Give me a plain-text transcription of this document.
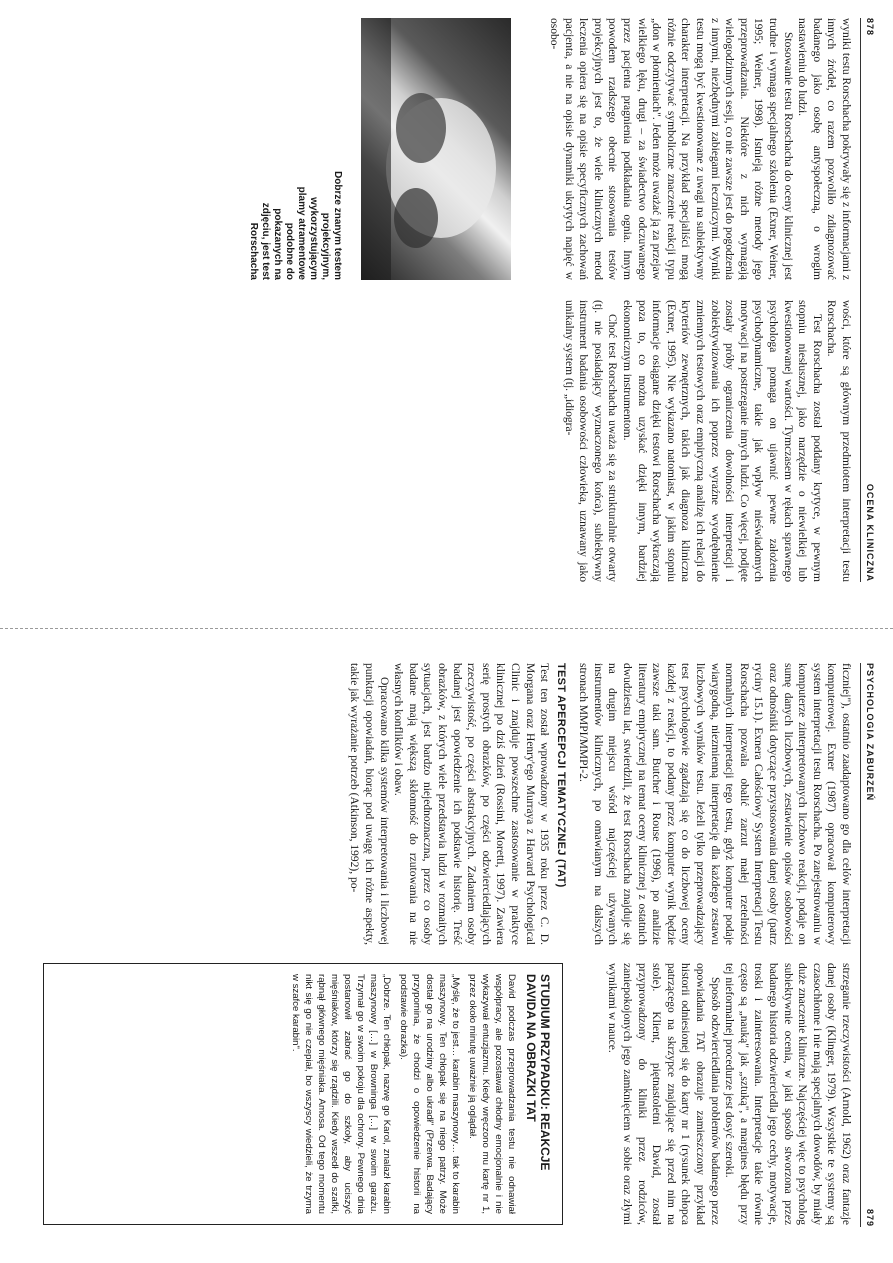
878
OCENA KLINICZNA

wyniki testu Rorschacha pokrywały się z informacjami z innych źródeł, co razem pozwoliło zdiagnozować badanego jako osobę antyspołeczną, o wrogim nastawieniu do ludzi.

Stosowanie testu Rorschacha do oceny klinicznej jest trudne i wymaga specjalnego szkolenia (Exner, Weiner, 1995; Weiner, 1998). Istnieją różne metody jego przeprowadzania. Niektóre z nich wymagają wielogodzinnych sesji, co nie zawsze jest do pogodzenia z innymi, niezbędnymi zabiegami leczniczymi. Wyniki testu mogą być kwestionowane z uwagi na subiektywny charakter interpretacji. Na przykład specjaliści mogą różnie odczytywać symboliczne znaczenie reakcji typu „don w płomieniach". Jeden może uważać ją za przejaw wielkiego lęku, drugi – za świadectwo odczuwanego przez pacjenta pragnienia podkładania ognia. Innym powodem rzadszego obecnie stosowania testów projekcyjnych jest to, że wiele klinicznych metod leczenia opiera się na opisie specyficznych zachowań pacjenta, a nie na opisie dynamiki ukrytych napięć w osobo-

Dobrze znanym testem projekcyjnym, wykorzystującym plamy atramentowe podobne do pokazanych na zdjęciu, jest test Rorschacha

wości, które są głównym przedmiotem interpretacji testu Rorschacha.

Test Rorschacha został poddany krytyce, w pewnym stopniu niesłusznej, jako narzędzie o niewielkiej lub kwestionowanej wartości. Tymczasem w rękach sprawnego psychologa pomaga on ujawnić pewne założenia psychodynamiczne, takie jak wpływ nieświadomych motywacji na postrzeganie innych ludzi. Co więcej, podjęte zostały próby ograniczenia dowolności interpretacji i zobiektywizowania ich poprzez wyraźne wyodrębnienie zmiennych testowych oraz empiryczną analizę ich relacji do kryteriów zewnętrznych, takich jak diagnoza kliniczna (Exner, 1995). Nie wykazano natomiast, w jakim stopniu informacje osiągane dzięki testowi Rorschacha wykraczają poza to, co można uzyskać dzięki innym, bardziej ekonomicznym instrumentom.

Choć test Rorschacha uważa się za strukturalnie otwarty (tj. nie posiadający wyznaczonego końca), subiektywny instrument badania osobowości człowieka, uznawany jako unikalny system (tj. „idiogra-

PSYCHOLOGIA ZABURZEŃ
879

ficzniej"), ostatnio zaadaptowano go dla celów interpretacji komputerowej. Exner (1987) opracował komputerowy system interpretacji testu Rorschacha. Po zarejestrowaniu w komputerze zinterpretowanych liczbowo reakcji, podaje on sumę danych liczbowych, zestawienie opisów osobowości oraz odnośniki dotyczące przystosowania danej osoby (patrz ryciny 15.1). Exnera Całościowy System Interpretacji Testu Rorschacha pozwala obalić zarzut małej rzetelności normalnych interpretacji tego testu, gdyż komputer podaje wiarygodną, niezmienną interpretację dla każdego zestawu liczbowych wyników testu. Jeżeli tylko przeprowadzający test psychologowie zgadzają się co do liczbowej oceny każdej z reakcji, to podany przez komputer wynik będzie zawsze taki sam. Butcher i Rouse (1996), po analizie literatury empirycznej na temat oceny klinicznej z ostatnich dwudziestu lat, stwierdzili, że test Rorschacha znajduje się na drugim miejscu wśród najczęściej używanych instrumentów klinicznych, po omawianym na dalszych stronach MMPI/MMPI-2.

TEST APERCEPCJI TEMATYCZNEJ (TAT)

Test ten został wprowadzony w 1935 roku przez C. D. Morgana oraz Henry'ego Murraya z Harvard Psychological Clinic i znajduje powszechne zastosowanie w praktyce klinicznej po dziś dzień (Rossini, Moretti, 1997). Zawiera serię prostych obrazków, po części odzwierciedlających rzeczywistość, po części abstrakcyjnych. Zadaniem osoby badanej jest opowiedzenie ich podstawie historię. Treść obrazków, z których wiele przedstawia ludzi w rozmaitych sytuacjach, jest bardzo niejednoznaczna, przez co osoby badane mają większą skłonność do rzutowania na nie własnych konfliktów i obaw.

Opracowano kilka systemów interpretowania i liczbowej punktacji opowiadań, biorąc pod uwagę ich różne aspekty, takie jak wyrażanie potrzeb (Atkinson, 1992), po-

strzeganie rzeczywistości (Arnold, 1962) oraz fantazje danej osoby (Klinger, 1979). Wszystkie te systemy są czasochłonne i nie mają specjalnych dowodów, by miały duże znaczenie kliniczne. Najczęściej więc to psycholog subiektywnie ocenia, w jaki sposób stworzona przez badanego historia odzwierciedla jego cechy, motywacje, troski i zainteresowania. Interpretacje takie równie często są „nauką" jak „sztuką", a margines błędu przy tej nieformalnej procedurze jest dosyć szeroki.

Sposób odzwierciedlania problemów badanego przez opowiadania TAT obrazuje zamieszczony przykład historii odniesionej się do karty nr 1 (rysunek chłopca patrzącego na skrzypce znajdujące się przed nim na stole). Klient, piętnastoletni Dawid, został przyprowadzony do kliniki przez rodziców, zaniepokojonych jego zamknięciem w sobie oraz złymi wynikami w nauce.

STUDIUM PRZYPADKU: REAKCJE DAVIDA NA OBRAZKI TAT

David podczas przeprowadzania testu nie odnawiał współpracy, ale pozostawał chłodny emocjonalnie i nie wykazywał entuzjazmu. Kiedy wręczono mu kartę nr 1, przez około minutę uważnie ją oglądał.

„Myślę, że to jest… karabin maszynowy… tak to karabin maszynowy. Ten chłopak się na niego patrzy. Może dostał go na urodziny albo ukradł" (Przerwa. Badający przypomina, że chodzi o opowiedzenie historii na podstawie obrazka).

„Dobrze. Ten chłopak, nazwę go Karol, znalazł karabin maszynowy […] w Browninga […] w swoim garażu. Trzymał go w swoim pokoju dla ochrony. Pewnego dnia postanowił zabrać go do szkoły, aby uciszyć mięśniaków, którzy się rządzili. Kiedy wszedł do szafki, rąbnął głównego mięśniaka. Amosa. Od tego momentu nikt się go nie czepiał, bo wszyscy wiedzieli, że trzyma w szafce karabin".
